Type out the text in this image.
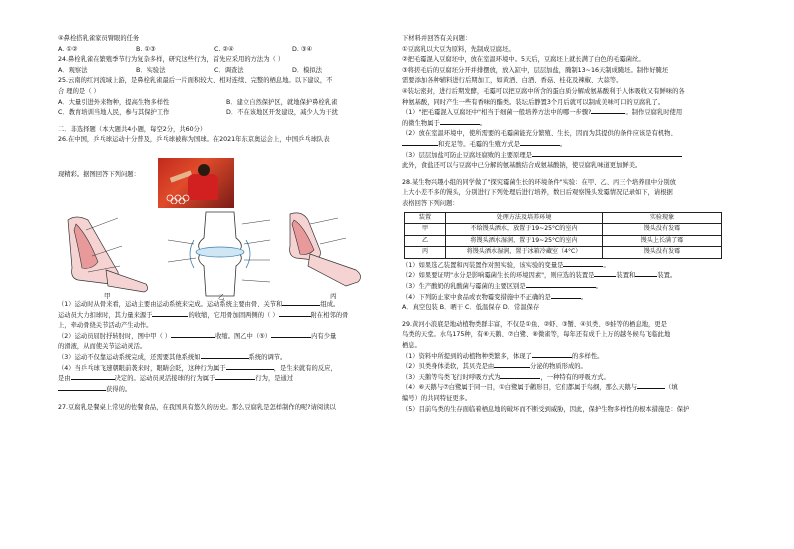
④鼻栓搭乳雀家员臂眼的任务
A. ①②	B. ①③	C. ②④	D. ③④
24.鼻栓乳雀在繁殖季节行为复杂多样，研究这些行为，首先应采用的方法为（ ）
A．观察法	B．实验法	C．调查法	D．模拟法
25.云南的红河流域上游，是鼻栓乳雀最后一片面积较大、相对连续、完整的栖息地。以下建议，不
合 理的是（ ）
A．大量引进外来物种，提高生物多样性	B．建立自然保护区，就地保护鼻栓乳雀
C．教育培训当地人民，参与其保护工作	D．不在该地区开发建设，减少人为干扰
二．非选择题（本大题共4小题，每空2分，共60分）
26.在中国，乒乓球运动十分普及，乒乓球被称为国球。在2021年东京奥运会上，中国乒乓球队表
现精彩。据图回答下列问题：
甲	乙	丙
（1）运动时从骨来看，运动主要由运动系统来完成。运动系统主要由骨、关节和	组成。
运动员大力扣球时，其力量来源于	的收缩，它用骨加固两侧的（ ）	附在相邻的骨
上，牵动骨绕关节活动产生动作。
（2）运动员屈肘抒转肘时，图中甲（ ）	收缩。图乙中（⑤）	内有少量
的滑液，从而使关节运动灵活。
（3）运动不仅靠运动系统完成，还需要其他系统如	系统的调节。
（4）当乒乓球飞速朝眼前袭来时，眼睛会眨，这种行为属于	，是生来就有的反应，
是由	决定的。运动员灵活接球的行为属于	行为，是通过
获得的。
27.豆腐乳是餐桌上常见的佐餐食品，在我国具有悠久的历史。那么豆腐乳是怎样制作的呢?请阅读以
下材料并回答有关问题：
①豆腐乳以大豆为原料，先制成豆腐坯。
②把毛霉混入豆腐坯中，放在室温环境中。5天后，豆腐坯上就长满了白色的毛霉菌丝。
③将搓毛后的豆腐坯分开并排摆放，放入缸中，层层加盐，腌制13~16天制成腌坯。制作好腌坯
需要添加各种辅料进行后期加工，如黄酒、白酒、香菇、桂花及辣椒、大蒜等。
④装坛密封，进行后期发酵，毛霉可以把豆腐中所含的蛋白质分解成氨基酸利于人体吸收又有鲜味的各
种氨基酸，同时产生一些有香味的酯类。装坛后静置3个月后就可以制成美味可口的豆腐乳了。
（1）"把毛霉混入豆腐坯中"相当于细菌一般培养方法中的哪一步骤?	。制作豆腐乳时使用
的微生物属于	。
（2）放在室温环境中，使所需要的毛霉菌能充分繁殖、生长，因而为其提供的条件应该是有机物、
和充足等。毛霉的生殖方式是	。
（3）层层加盐可防止豆腐坯腐败的主要原理是
此外，食盐还可以与豆腐中已分解的氨基酸结合成氨基酸钠，使豆腐乳味道更加鲜美。
28.某生物兴趣小组的同学做了"探究霉菌生长的环境条件"实验：在甲、乙、丙三个培养皿中分别放
上大小差不多的馒头，分别进行下列处理后进行培养，数日后观察馒头发霉情况记录如下，请根据
表格回答下列问题：
装置	处理方法及培养环境	实验现象
甲	不给馒头洒水，放置于19~25°C的室内	馒头没有发霉
乙	将馒头洒水湿润，置于19~25°C的室内	馒头上长满了霉
丙	将馒头洒水湿润，置于冰箱冷藏室（4°C）	馒头没有发霉
（1）如果选乙装置和丙装置作对照实验，该实验的变量是	。
（2）如果要证明"水分是影响霉菌生长的环境因素"，则应选的装置是	装置和	装置。
（3）生产酸奶的乳酸菌与霉菌的主要区别是	。
（4）下列防止家中食品或衣物霉变措施中不正确的是	。
A．真空包装 B．晒干 C．低温保存 D．常温保存
29.黄河小浪底是地动植物类群丰富，不仅是①鱼、②虾、③蟹、④贝类、⑤蛙等的栖息地，更是
鸟类的天堂。水鸟175种，有⑥天鹅、⑦白鹭、⑧微雀等，每年还有成千上万的越冬候鸟飞临此地
栖息。
（1）资料中所提到的动植物种类繁多，体现了	的多样性。
（2）贝类身体柔软，其贝壳是由	分泌的物质形成的。
（3）天鹅等鸟类飞行时呼吸方式为	，一种特有的呼吸方式。
（4）⑥天鹅与⑦白鹭属于同一目，①白鹭属于鹳形目，它们都属于鸟纲，那么天鹅与	（填
编号）的共同特征更多。
（5）目前鸟类的生存面临着栖息地的破坏而不断受到威胁，因此，保护生物多样性的根本措施是：保护
